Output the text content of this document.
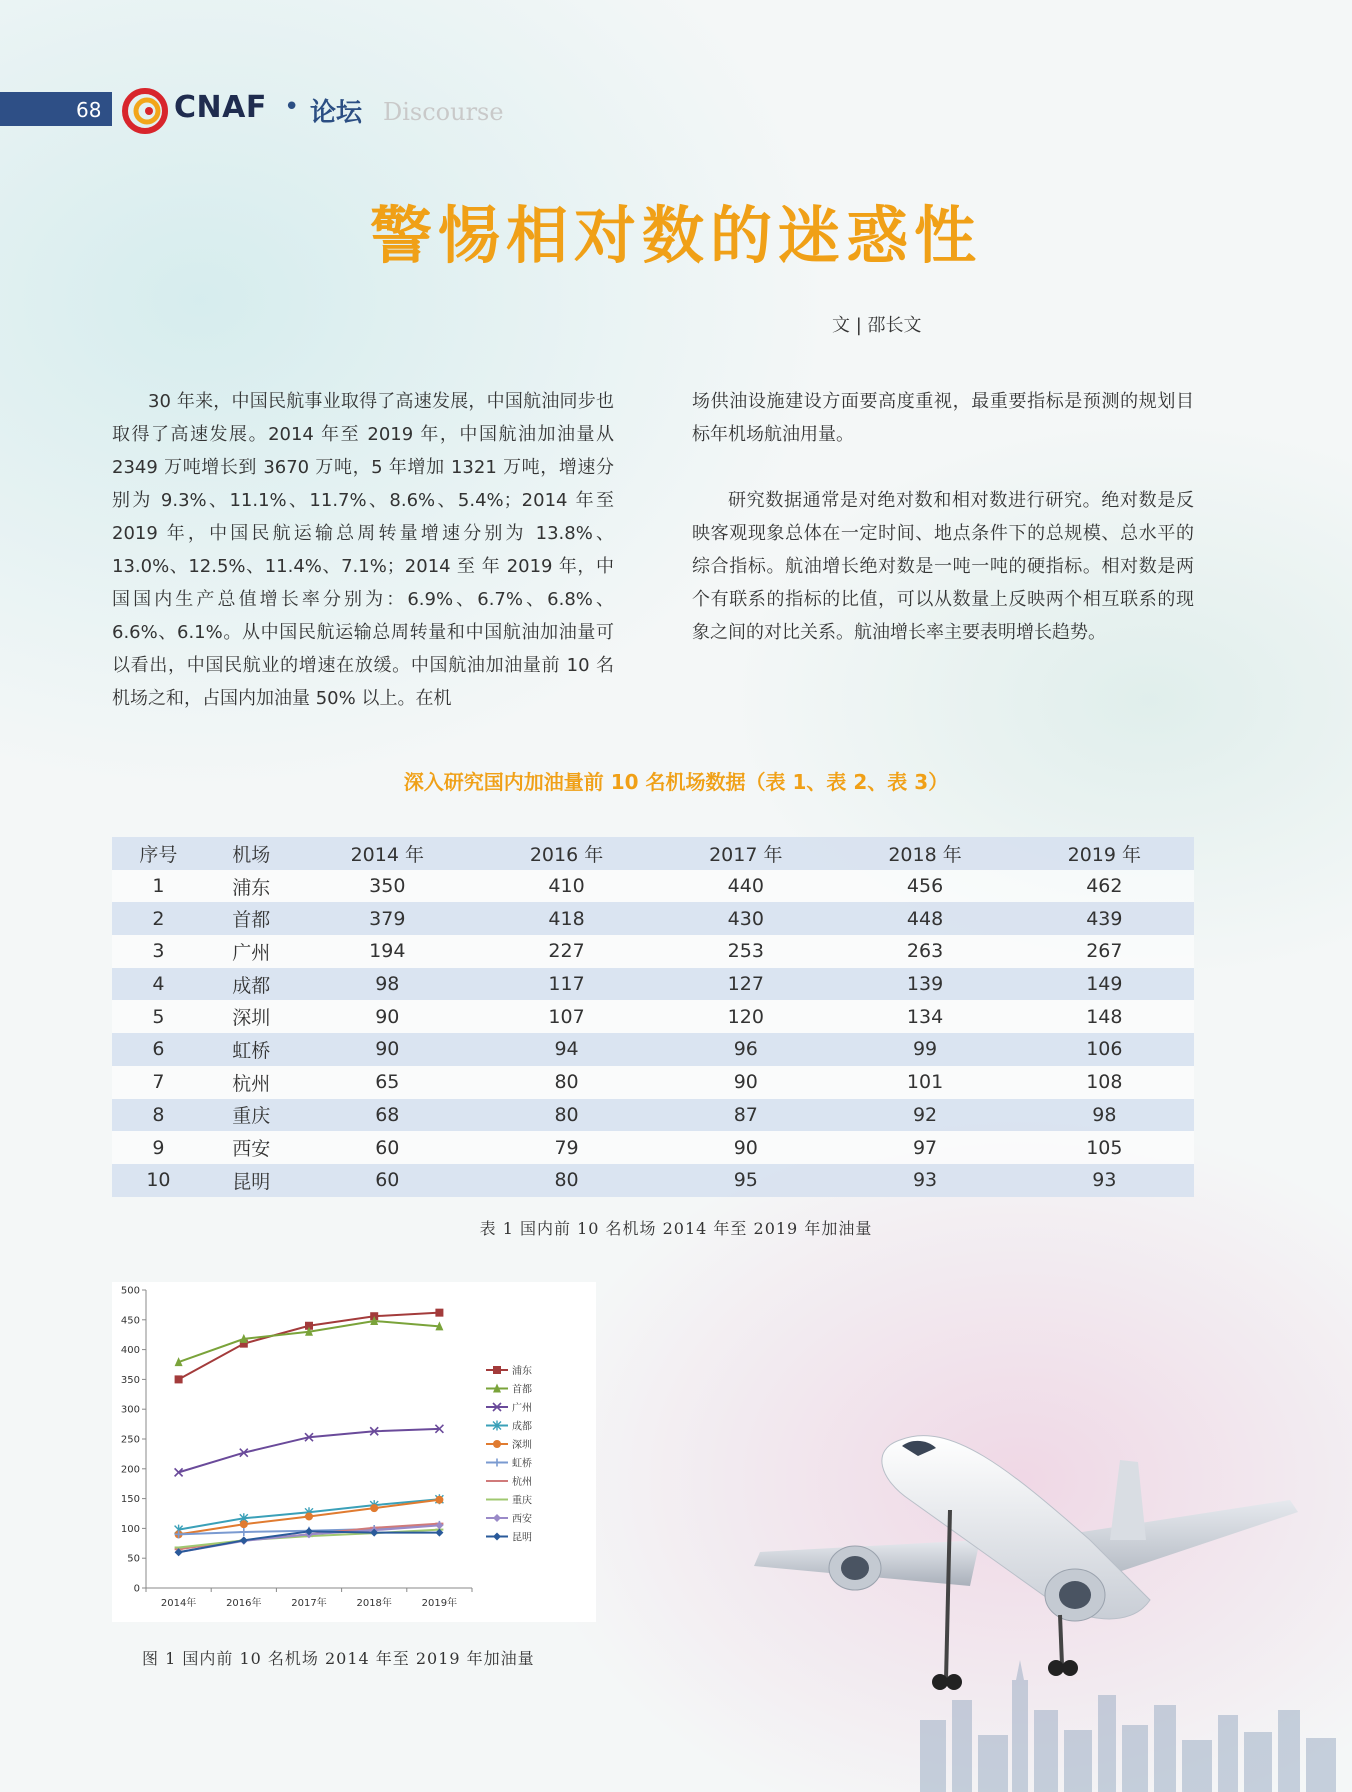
68 CNAF • 论坛 Discourse
警惕相对数的迷惑性
文 | 邵长文

30 年来，中国民航事业取得了高速发展，中国航油同步也取得了高速发展。2014 年至 2019 年，中国航油加油量从 2349 万吨增长到 3670 万吨，5 年增加 1321 万吨，增速分别为 9.3%、11.1%、11.7%、8.6%、5.4%；2014 年至 2019 年，中国民航运输总周转量增速分别为 13.8%、13.0%、12.5%、11.4%、7.1%；2014 至 年 2019 年，中国国内生产总值增长率分别为：6.9%、6.7%、6.8%、6.6%、6.1%。从中国民航运输总周转量和中国航油加油量可以看出，中国民航业的增速在放缓。中国航油加油量前 10 名机场之和，占国内加油量 50% 以上。在机

场供油设施建设方面要高度重视，最重要指标是预测的规划目标年机场航油用量。

研究数据通常是对绝对数和相对数进行研究。绝对数是反映客观现象总体在一定时间、地点条件下的总规模、总水平的综合指标。航油增长绝对数是一吨一吨的硬指标。相对数是两个有联系的指标的比值，可以从数量上反映两个相互联系的现象之间的对比关系。航油增长率主要表明增长趋势。

深入研究国内加油量前 10 名机场数据（表 1、表 2、表 3）
序号	机场	2014 年	2016 年	2017 年	2018 年	2019 年
1	浦东	350	410	440	456	462
2	首都	379	418	430	448	439
3	广州	194	227	253	263	267
4	成都	98	117	127	139	149
5	深圳	90	107	120	134	148
6	虹桥	90	94	96	99	106
7	杭州	65	80	90	101	108
8	重庆	68	80	87	92	98
9	西安	60	79	90	97	105
10	昆明	60	80	95	93	93
表 1 国内前 10 名机场 2014 年至 2019 年加油量
0
50
100
150
200
250
300
350
400
450
500
2014年	2016年	2017年	2018年	2019年
浦东
首都
广州
成都
深圳
虹桥
杭州
重庆
西安
昆明
图 1 国内前 10 名机场 2014 年至 2019 年加油量
